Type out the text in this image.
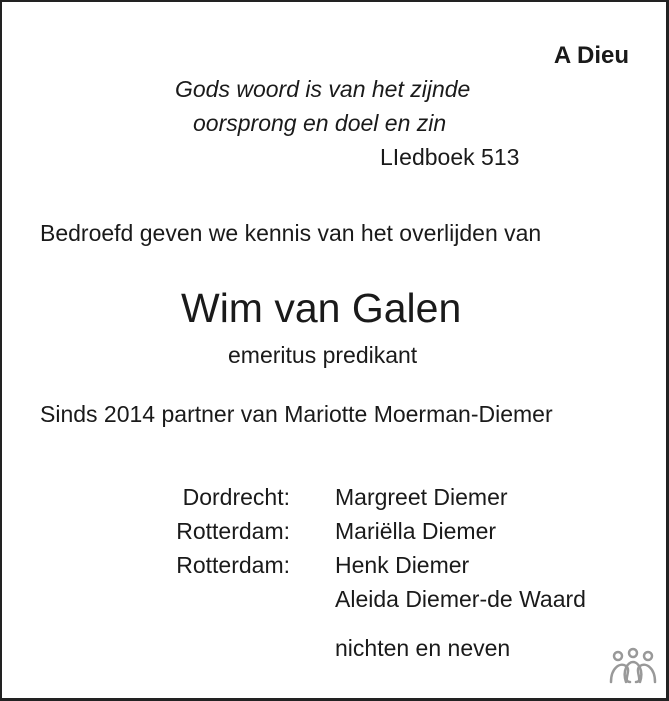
A Dieu
Gods woord is van het zijnde
oorsprong en doel en zin
LIedboek 513
Bedroefd geven we kennis van het overlijden van
Wim van Galen
emeritus predikant
Sinds 2014 partner van Mariotte Moerman-Diemer
Dordrecht: Margreet Diemer
Rotterdam: Mariëlla Diemer
Rotterdam: Henk Diemer
Aleida Diemer-de Waard
nichten en neven
